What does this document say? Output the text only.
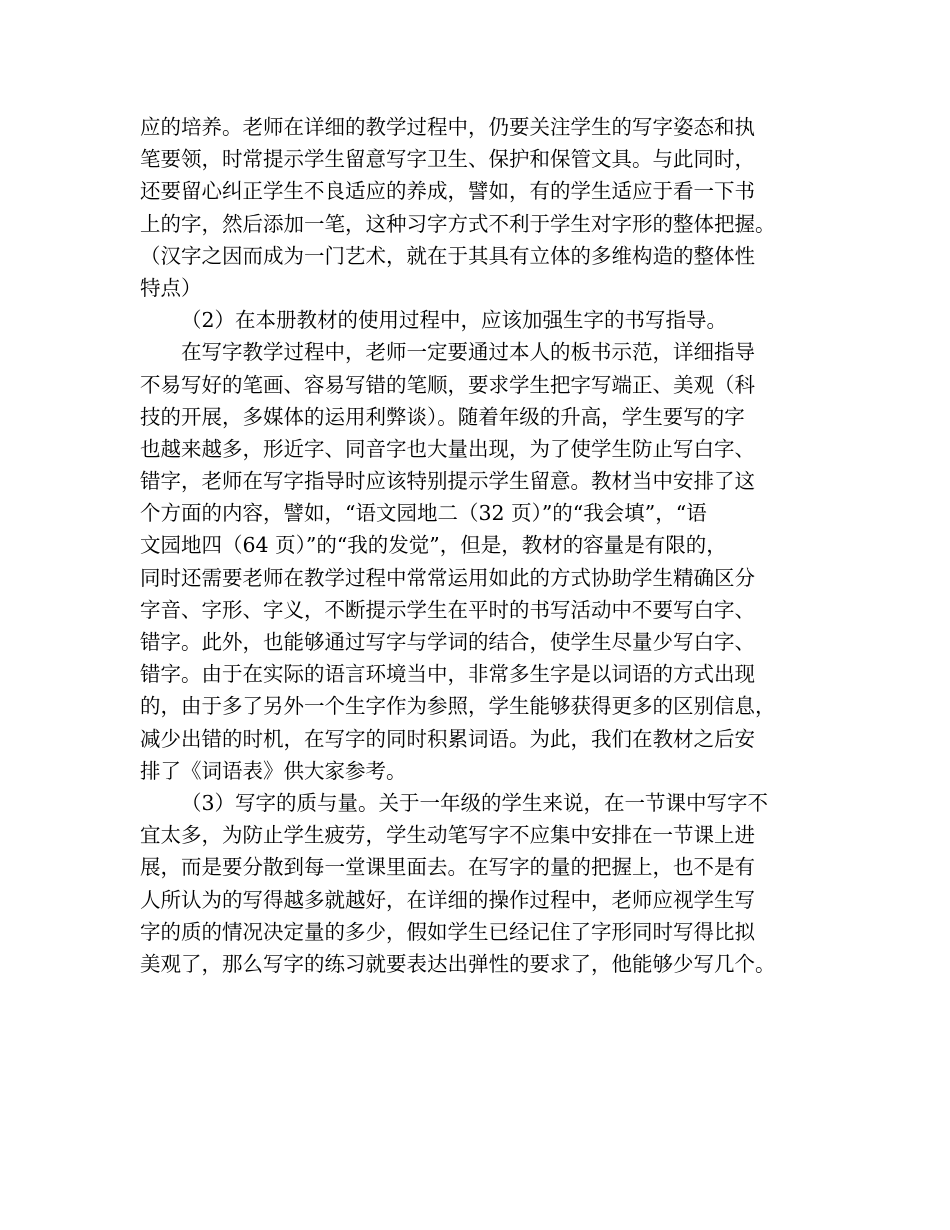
应的培养。老师在详细的教学过程中，仍要关注学生的写字姿态和执
笔要领，时常提示学生留意写字卫生、保护和保管文具。与此同时，
还要留心纠正学生不良适应的养成，譬如，有的学生适应于看一下书
上的字，然后添加一笔，这种习字方式不利于学生对字形的整体把握。
（汉字之因而成为一门艺术，就在于其具有立体的多维构造的整体性
特点）
（2）在本册教材的使用过程中，应该加强生字的书写指导。
在写字教学过程中，老师一定要通过本人的板书示范，详细指导
不易写好的笔画、容易写错的笔顺，要求学生把字写端正、美观（科
技的开展，多媒体的运用利弊谈）。随着年级的升高，学生要写的字
也越来越多，形近字、同音字也大量出现，为了使学生防止写白字、
错字，老师在写字指导时应该特别提示学生留意。教材当中安排了这
个方面的内容，譬如，“语文园地二（32 页）”的“我会填”，“语
文园地四（64 页）”的“我的发觉”，但是，教材的容量是有限的，
同时还需要老师在教学过程中常常运用如此的方式协助学生精确区分
字音、字形、字义，不断提示学生在平时的书写活动中不要写白字、
错字。此外，也能够通过写字与学词的结合，使学生尽量少写白字、
错字。由于在实际的语言环境当中，非常多生字是以词语的方式出现
的，由于多了另外一个生字作为参照，学生能够获得更多的区别信息，
减少出错的时机，在写字的同时积累词语。为此，我们在教材之后安
排了《词语表》供大家参考。
（3）写字的质与量。关于一年级的学生来说，在一节课中写字不
宜太多，为防止学生疲劳，学生动笔写字不应集中安排在一节课上进
展，而是要分散到每一堂课里面去。在写字的量的把握上，也不是有
人所认为的写得越多就越好，在详细的操作过程中，老师应视学生写
字的质的情况决定量的多少，假如学生已经记住了字形同时写得比拟
美观了，那么写字的练习就要表达出弹性的要求了，他能够少写几个。
